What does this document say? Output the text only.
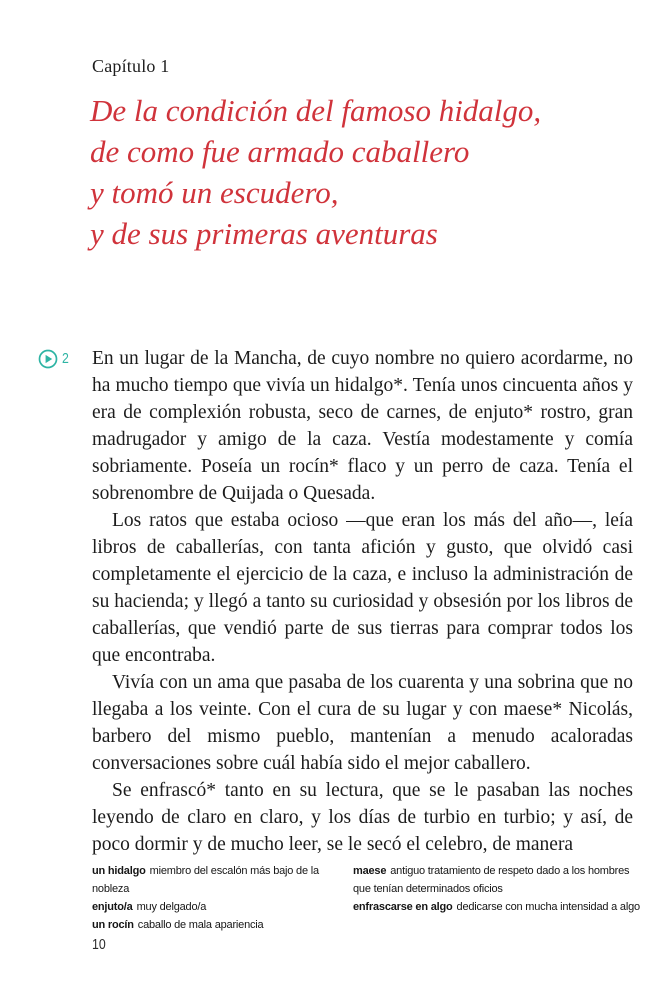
Capítulo 1
De la condición del famoso hidalgo,
de como fue armado caballero
y tomó un escudero,
y de sus primeras aventuras
2 En un lugar de la Mancha, de cuyo nombre no quiero acordarme, no ha mucho tiempo que vivía un hidalgo*. Tenía unos cincuenta años y era de complexión robusta, seco de carnes, de enjuto* rostro, gran madrugador y amigo de la caza. Vestía modestamente y comía sobriamente. Poseía un rocín* flaco y un perro de caza. Tenía el sobrenombre de Quijada o Quesada.

Los ratos que estaba ocioso —que eran los más del año—, leía libros de caballerías, con tanta afición y gusto, que olvidó casi completamente el ejercicio de la caza, e incluso la administración de su hacienda; y llegó a tanto su curiosidad y obsesión por los libros de caballerías, que vendió parte de sus tierras para comprar todos los que encontraba.

Vivía con un ama que pasaba de los cuarenta y una sobrina que no llegaba a los veinte. Con el cura de su lugar y con maese* Nicolás, barbero del mismo pueblo, mantenían a menudo acaloradas conversaciones sobre cuál había sido el mejor caballero.

Se enfrascó* tanto en su lectura, que se le pasaban las noches leyendo de claro en claro, y los días de turbio en turbio; y así, de poco dormir y de mucho leer, se le secó el celebro, de manera

un hidalgo miembro del escalón más bajo de la nobleza
enjuto/a muy delgado/a
un rocín caballo de mala apariencia
maese antiguo tratamiento de respeto dado a los hombres que tenían determinados oficios
enfrascarse en algo dedicarse con mucha intensidad a algo
10
